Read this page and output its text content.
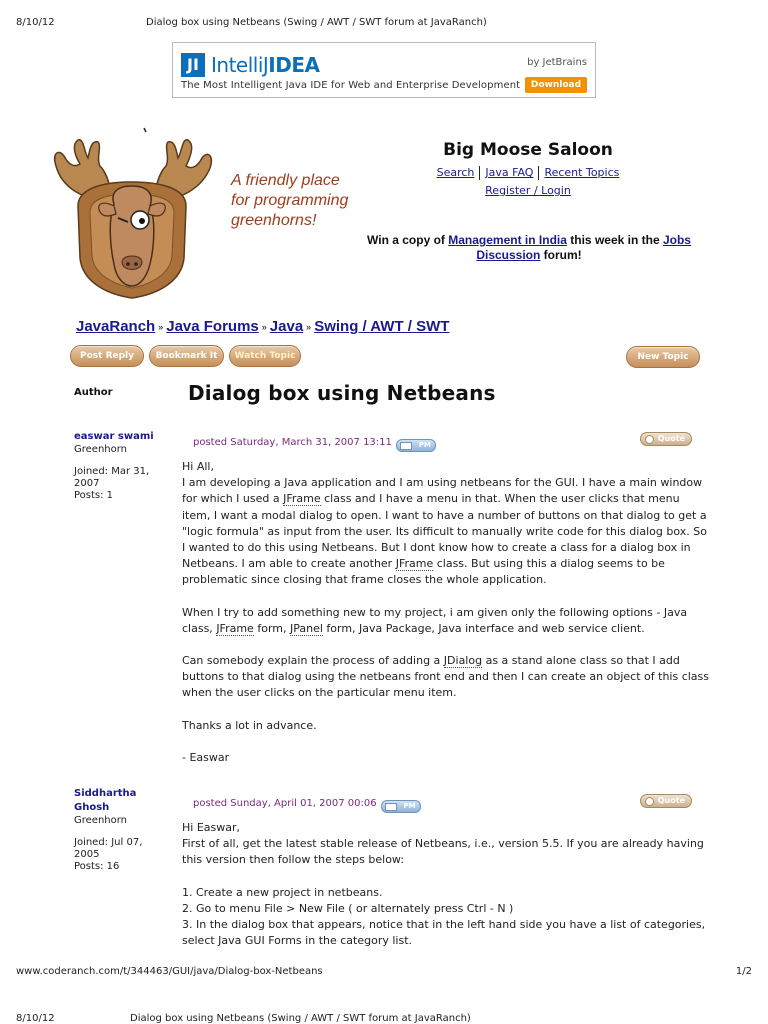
8/10/12	Dialog box using Netbeans (Swing / AWT / SWT forum at JavaRanch)
JI IntelliJIDEA	by JetBrains
The Most Intelligent Java IDE for Web and Enterprise Development	Download
A friendly place for programming greenhorns!
Big Moose Saloon
Search Java FAQ Recent Topics
Register / Login
Win a copy of Management in India this week in the Jobs Discussion forum!
JavaRanch » Java Forums » Java » Swing / AWT / SWT
Post Reply	Bookmark It	Watch Topic	New Topic
Author	Dialog box using Netbeans
easwar swami
Greenhorn
Joined: Mar 31, 2007
Posts: 1
posted Saturday, March 31, 2007 13:11	PM
Quote

Hi All,
I am developing a Java application and I am using netbeans for the GUI. I have a main window for which I used a JFrame class and I have a menu in that. When the user clicks that menu item, I want a modal dialog to open. I want to have a number of buttons on that dialog to get a "logic formula" as input from the user. Its difficult to manually write code for this dialog box. So I wanted to do this using Netbeans. But I dont know how to create a class for a dialog box in Netbeans. I am able to create another JFrame class. But using this a dialog seems to be problematic since closing that frame closes the whole application.

When I try to add something new to my project, i am given only the following options - Java class, JFrame form, JPanel form, Java Package, Java interface and web service client.

Can somebody explain the process of adding a JDialog as a stand alone class so that I add buttons to that dialog using the netbeans front end and then I can create an object of this class when the user clicks on the particular menu item.

Thanks a lot in advance.

- Easwar

Siddhartha Ghosh
Greenhorn
Joined: Jul 07, 2005
Posts: 16
posted Sunday, April 01, 2007 00:06	PM
Quote

Hi Easwar,
First of all, get the latest stable release of Netbeans, i.e., version 5.5. If you are already having this version then follow the steps below:

1. Create a new project in netbeans.

2. Go to menu File > New File ( or alternately press Ctrl - N )

3. In the dialog box that appears, notice that in the left hand side you have a list of categories, select Java GUI Forms in the category list.

www.coderanch.com/t/344463/GUI/java/Dialog-box-Netbeans	1/2
8/10/12	Dialog box using Netbeans (Swing / AWT / SWT forum at JavaRanch)
